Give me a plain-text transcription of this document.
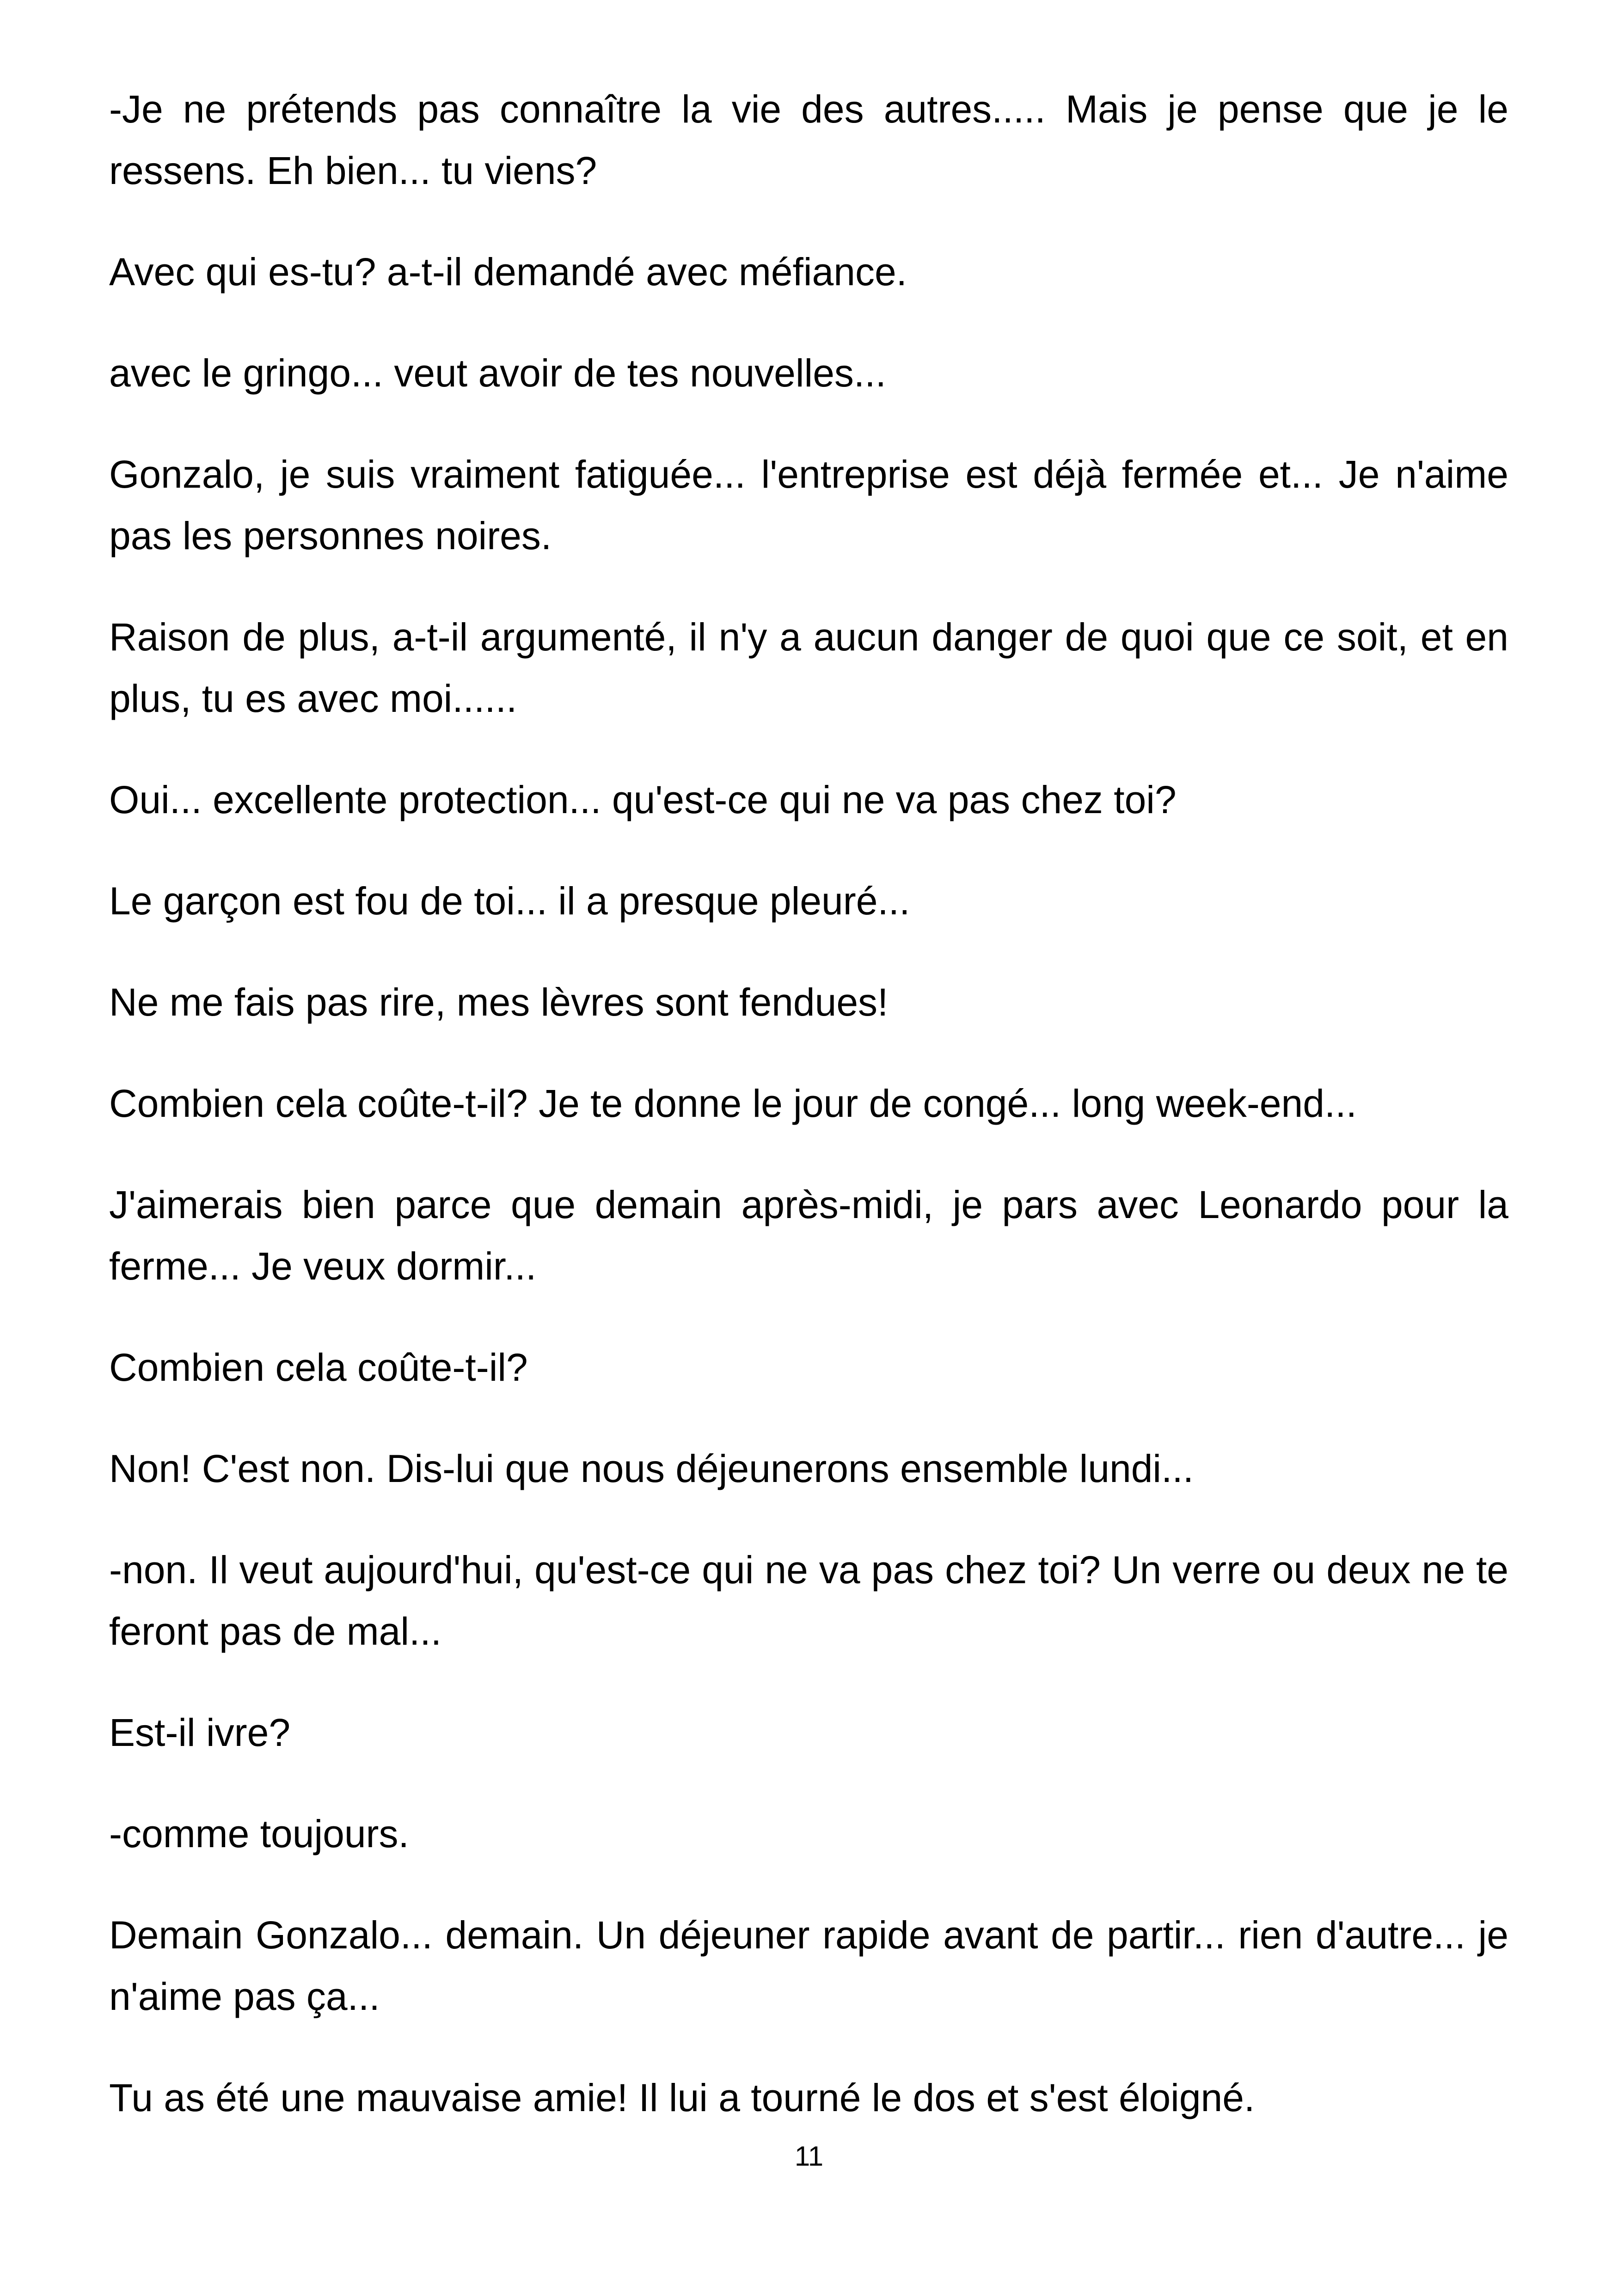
-Je ne prétends pas connaître la vie des autres..... Mais je pense que je le ressens. Eh bien... tu viens?

Avec qui es-tu? a-t-il demandé avec méfiance.

avec le gringo... veut avoir de tes nouvelles...

Gonzalo, je suis vraiment fatiguée... l'entreprise est déjà fermée et... Je n'aime pas les personnes noires.

Raison de plus, a-t-il argumenté, il n'y a aucun danger de quoi que ce soit, et en plus, tu es avec moi......

Oui... excellente protection... qu'est-ce qui ne va pas chez toi?

Le garçon est fou de toi... il a presque pleuré...

Ne me fais pas rire, mes lèvres sont fendues!

Combien cela coûte-t-il? Je te donne le jour de congé... long week-end...

J'aimerais bien parce que demain après-midi, je pars avec Leonardo pour la ferme... Je veux dormir...

Combien cela coûte-t-il?

Non! C'est non. Dis-lui que nous déjeunerons ensemble lundi...

-non. Il veut aujourd'hui, qu'est-ce qui ne va pas chez toi? Un verre ou deux ne te feront pas de mal...

Est-il ivre?

-comme toujours.

Demain Gonzalo... demain. Un déjeuner rapide avant de partir... rien d'autre... je n'aime pas ça...

Tu as été une mauvaise amie! Il lui a tourné le dos et s'est éloigné.

11
